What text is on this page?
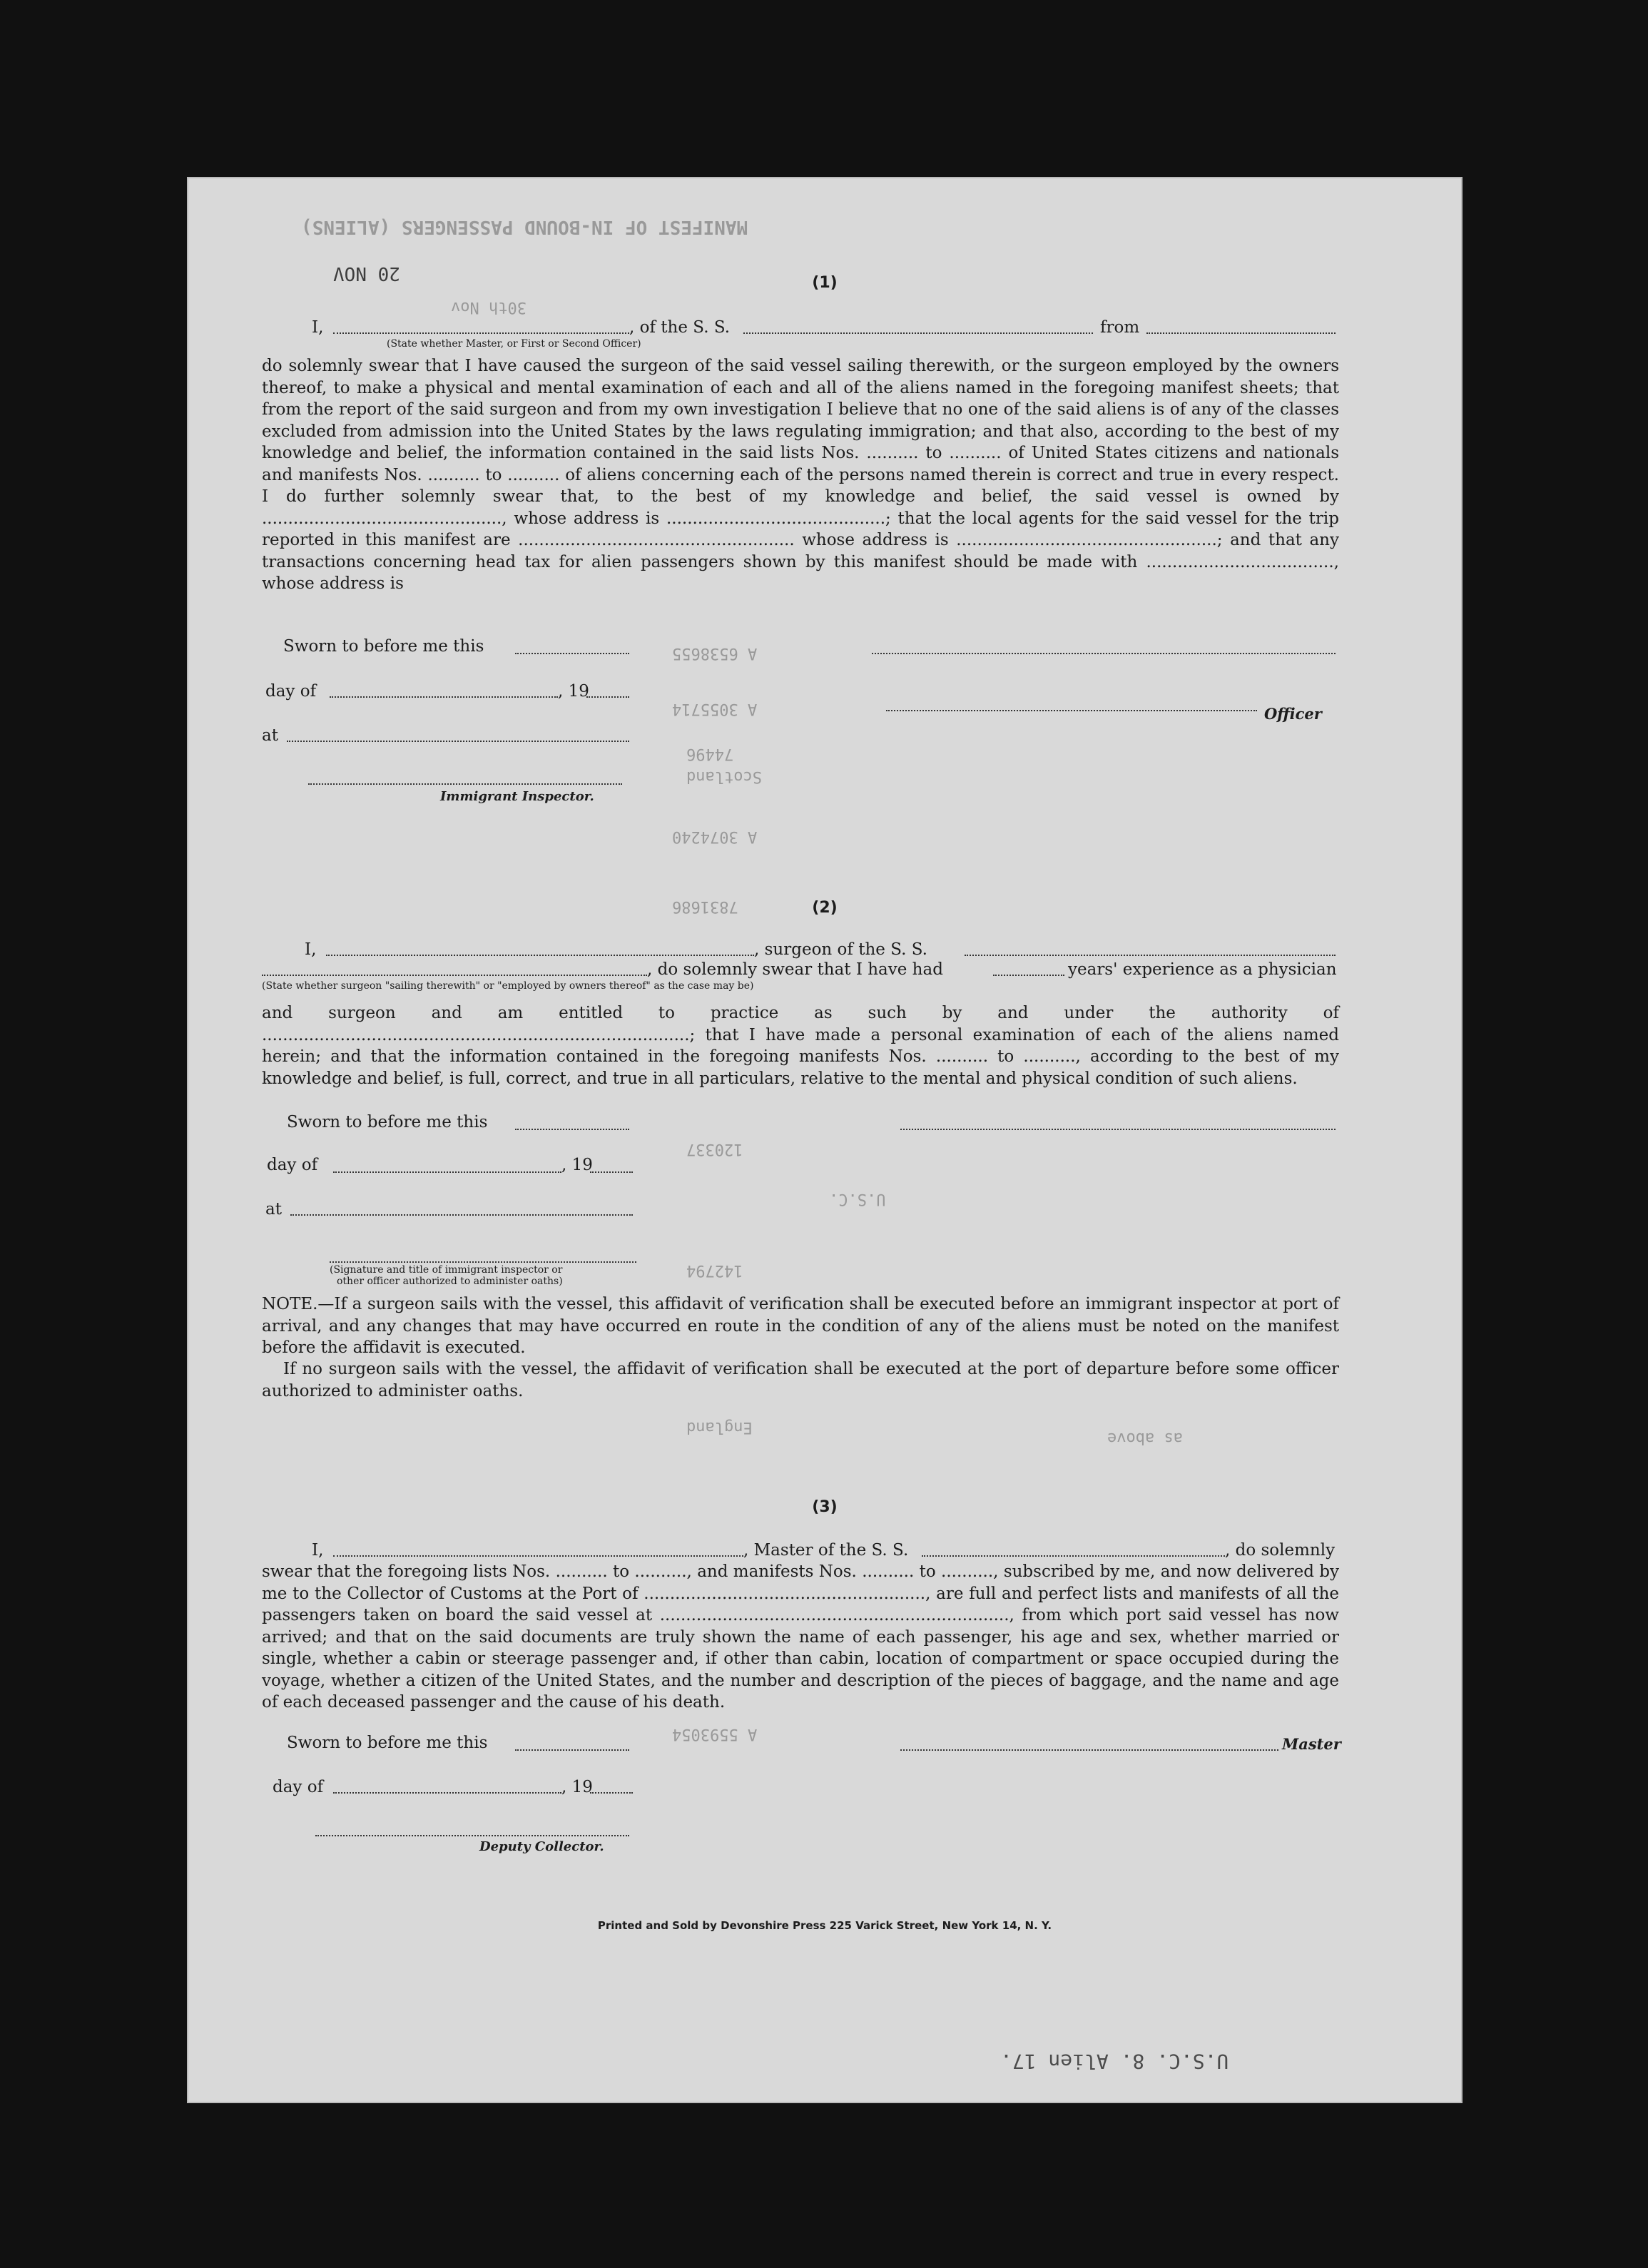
MANIFEST OF IN-BOUND PASSENGERS (ALIENS)
20 NOV
30th Nov
A 6538655
A 3055714
74496
Scotland
A 3074240
7831686
120337
142794
England
A 5593054
U.S.C.
as above
U.S.C. 8. Alien 17.
(1)
I,	, of the S. S.	from
(State whether Master, or First or Second Officer)
do solemnly swear that I have caused the surgeon of the said vessel sailing therewith, or the surgeon employed by the owners thereof, to make a physical and mental examination of each and all of the aliens named in the foregoing manifest sheets; that from the report of the said surgeon and from my own investigation I believe that no one of the said aliens is of any of the classes excluded from admission into the United States by the laws regulating immigration; and that also, according to the best of my knowledge and belief, the information contained in the said lists Nos. .......... to .......... of United States citizens and nationals and manifests Nos. .......... to .......... of aliens concerning each of the persons named therein is correct and true in every respect. I do further solemnly swear that, to the best of my knowledge and belief, the said vessel is owned by .............................................., whose address is ..........................................; that the local agents for the said vessel for the trip reported in this manifest are ..................................................... whose address is ..................................................; and that any transactions concerning head tax for alien passengers shown by this manifest should be made with ...................................., whose address is
Sworn to before me this
day of	, 19
Officer
at
Immigrant Inspector.
(2)
I,	, surgeon of the S. S.
, do solemnly swear that I have had	years' experience as a physician
(State whether surgeon "sailing therewith" or "employed by owners thereof" as the case may be)
and surgeon and am entitled to practice as such by and under the authority of ..................................................................................; that I have made a personal examination of each of the aliens named herein; and that the information contained in the foregoing manifests Nos. .......... to .........., according to the best of my knowledge and belief, is full, correct, and true in all particulars, relative to the mental and physical condition of such aliens.
Sworn to before me this
day of	, 19
at
(Signature and title of immigrant inspector or
other officer authorized to administer oaths)
NOTE.—If a surgeon sails with the vessel, this affidavit of verification shall be executed before an immigrant inspector at port of arrival, and any changes that may have occurred en route in the condition of any of the aliens must be noted on the manifest before the affidavit is executed.
If no surgeon sails with the vessel, the affidavit of verification shall be executed at the port of departure before some officer authorized to administer oaths.
(3)
I,	, Master of the S. S.	, do solemnly
swear that the foregoing lists Nos. .......... to .........., and manifests Nos. .......... to .........., subscribed by me, and now delivered by me to the Collector of Customs at the Port of ......................................................, are full and perfect lists and manifests of all the passengers taken on board the said vessel at ..................................................................., from which port said vessel has now arrived; and that on the said documents are truly shown the name of each passenger, his age and sex, whether married or single, whether a cabin or steerage passenger and, if other than cabin, location of compartment or space occupied during the voyage, whether a citizen of the United States, and the number and description of the pieces of baggage, and the name and age of each deceased passenger and the cause of his death.
Sworn to before me this	Master
day of	, 19
Deputy Collector.
Printed and Sold by Devonshire Press 225 Varick Street, New York 14, N. Y.
